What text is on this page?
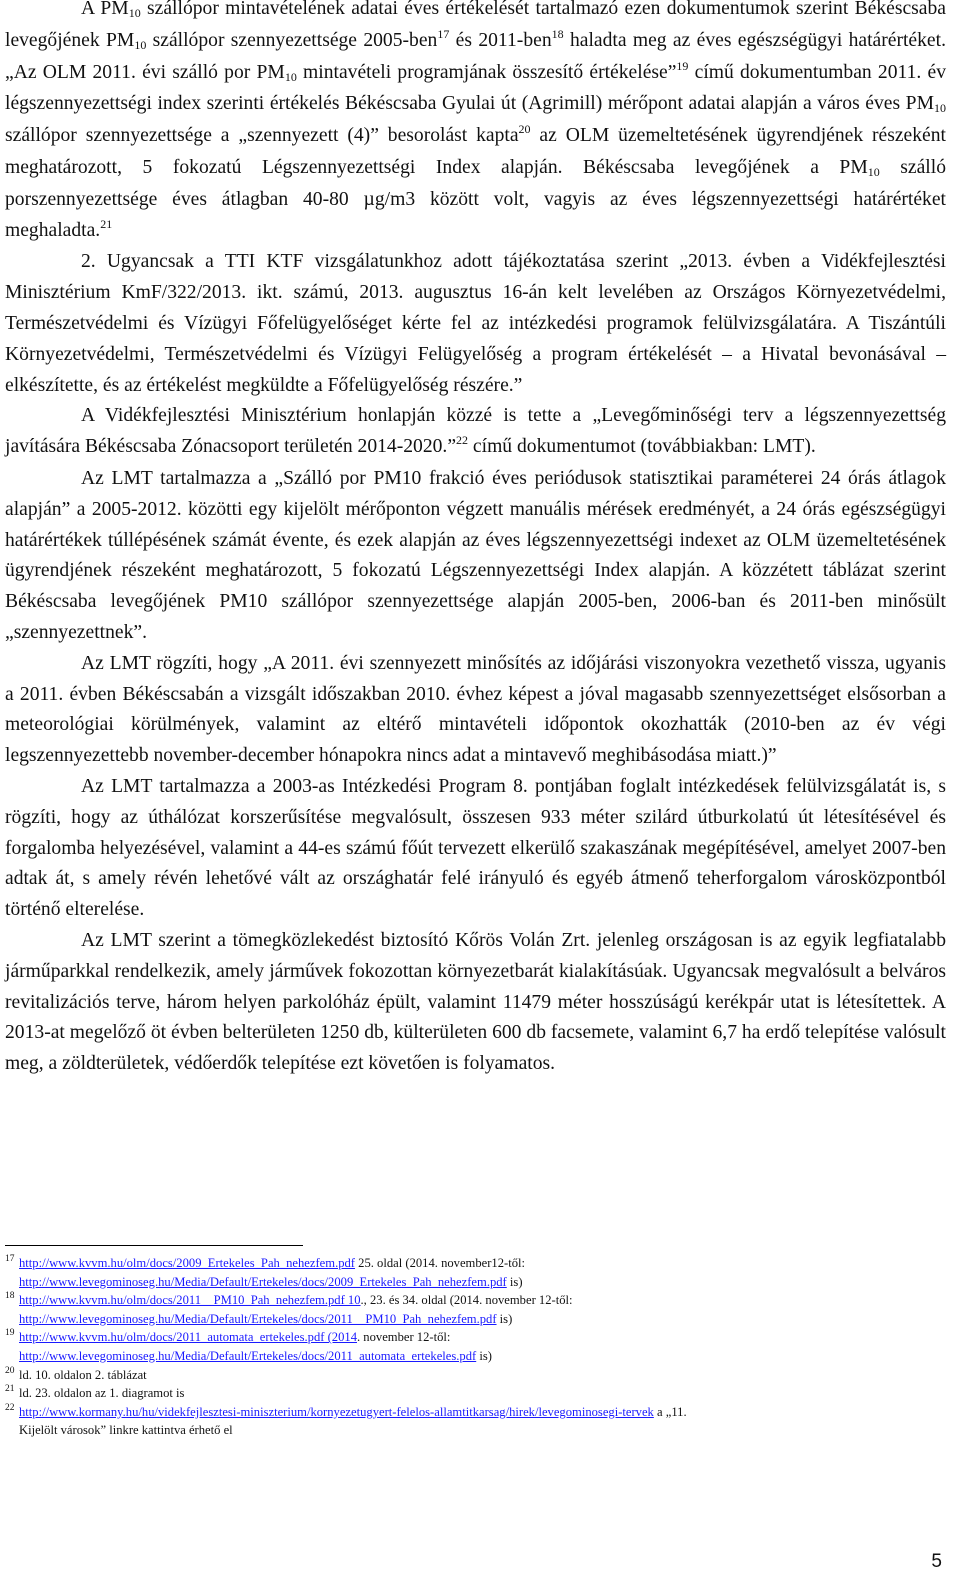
A $PM_{10}$ szállópor mintavételének adatai éves értékelését tartalmazó ezen dokumentumok szerint Békéscsaba levegőjének $PM_{10}$ szállópor szennyezettsége 2005-ben$^{17}$ és 2011-ben$^{18}$ haladta meg az éves egészségügyi határértéket. „Az OLM 2011. évi szálló por $PM_{10}$ mintavételi programjának összesítő értékelése”$^{19}$ című dokumentumban 2011. év légszennyezettségi index szerinti értékelés Békéscsaba Gyulai út (Agrimill) mérőpont adatai alapján a város éves $PM_{10}$ szállópor szennyezettsége a „szennyezett (4)” besorolást kapta$^{20}$ az OLM üzemeltetésének ügyrendjének részeként meghatározott, 5 fokozatú Légszennyezettségi Index alapján. Békéscsaba levegőjének a $PM_{10}$ szálló porszennyezettsége éves átlagban 40-80 µg/m3 között volt, vagyis az éves légszennyezettségi határértéket meghaladta.$^{21}$

2. Ugyancsak a TTI KTF vizsgálatunkhoz adott tájékoztatása szerint „2013. évben a Vidékfejlesztési Minisztérium KmF/322/2013. ikt. számú, 2013. augusztus 16-án kelt levelében az Országos Környezetvédelmi, Természetvédelmi és Vízügyi Főfelügyelőséget kérte fel az intézkedési programok felülvizsgálatára. A Tiszántúli Környezetvédelmi, Természetvédelmi és Vízügyi Felügyelőség a program értékelését – a Hivatal bevonásával – elkészítette, és az értékelést megküldte a Főfelügyelőség részére.”

A Vidékfejlesztési Minisztérium honlapján közzé is tette a „Levegőminőségi terv a légszennyezettség javítására Békéscsaba Zónacsoport területén 2014-2020.”$^{22}$ című dokumentumot (továbbiakban: LMT).

Az LMT tartalmazza a „Szálló por PM10 frakció éves periódusok statisztikai paraméterei 24 órás átlagok alapján” a 2005-2012. közötti egy kijelölt mérőponton végzett manuális mérések eredményét, a 24 órás egészségügyi határértékek túllépésének számát évente, és ezek alapján az éves légszennyezettségi indexet az OLM üzemeltetésének ügyrendjének részeként meghatározott, 5 fokozatú Légszennyezettségi Index alapján. A közzétett táblázat szerint Békéscsaba levegőjének PM10 szállópor szennyezettsége alapján 2005-ben, 2006-ban és 2011-ben minősült „szennyezettnek”.

Az LMT rögzíti, hogy „A 2011. évi szennyezett minősítés az időjárási viszonyokra vezethető vissza, ugyanis a 2011. évben Békéscsabán a vizsgált időszakban 2010. évhez képest a jóval magasabb szennyezettséget elsősorban a meteorológiai körülmények, valamint az eltérő mintavételi időpontok okozhatták (2010-ben az év végi legszennyezettebb november-december hónapokra nincs adat a mintavevő meghibásodása miatt.)”

Az LMT tartalmazza a 2003-as Intézkedési Program 8. pontjában foglalt intézkedések felülvizsgálatát is, s rögzíti, hogy az úthálózat korszerűsítése megvalósult, összesen 933 méter szilárd útburkolatú út létesítésével és forgalomba helyezésével, valamint a 44-es számú főút tervezett elkerülő szakaszának megépítésével, amelyet 2007-ben adtak át, s amely révén lehetővé vált az országhatár felé irányuló és egyéb átmenő teherforgalom városközpontból történő elterelése.

Az LMT szerint a tömegközlekedést biztosító Kőrös Volán Zrt. jelenleg országosan is az egyik legfiatalabb járműparkkal rendelkezik, amely járművek fokozottan környezetbarát kialakításúak. Ugyancsak megvalósult a belváros revitalizációs terve, három helyen parkolóház épült, valamint 11479 méter hosszúságú kerékpár utat is létesítettek. A 2013-at megelőző öt évben belterületen 1250 db, külterületen 600 db facsemete, valamint 6,7 ha erdő telepítése valósult meg, a zöldterületek, védőerdők telepítése ezt követően is folyamatos.

17 http://www.kvvm.hu/olm/docs/2009_Ertekeles_Pah_nehezfem.pdf 25. oldal (2014. november12-től:
http://www.levegominoseg.hu/Media/Default/Ertekeles/docs/2009_Ertekeles_Pah_nehezfem.pdf is)
18 http://www.kvvm.hu/olm/docs/2011__PM10_Pah_nehezfem.pdf 10., 23. és 34. oldal (2014. november 12-től:
http://www.levegominoseg.hu/Media/Default/Ertekeles/docs/2011__PM10_Pah_nehezfem.pdf is)
19 http://www.kvvm.hu/olm/docs/2011_automata_ertekeles.pdf (2014. november 12-től:
http://www.levegominoseg.hu/Media/Default/Ertekeles/docs/2011_automata_ertekeles.pdf is)
20 ld. 10. oldalon 2. táblázat
21 ld. 23. oldalon az 1. diagramot is
22 http://www.kormany.hu/hu/videkfejlesztesi-miniszterium/kornyezetugyert-felelos-allamtitkarsag/hirek/levegominosegi-tervek a „11.
Kijelölt városok” linkre kattintva érhető el
5
